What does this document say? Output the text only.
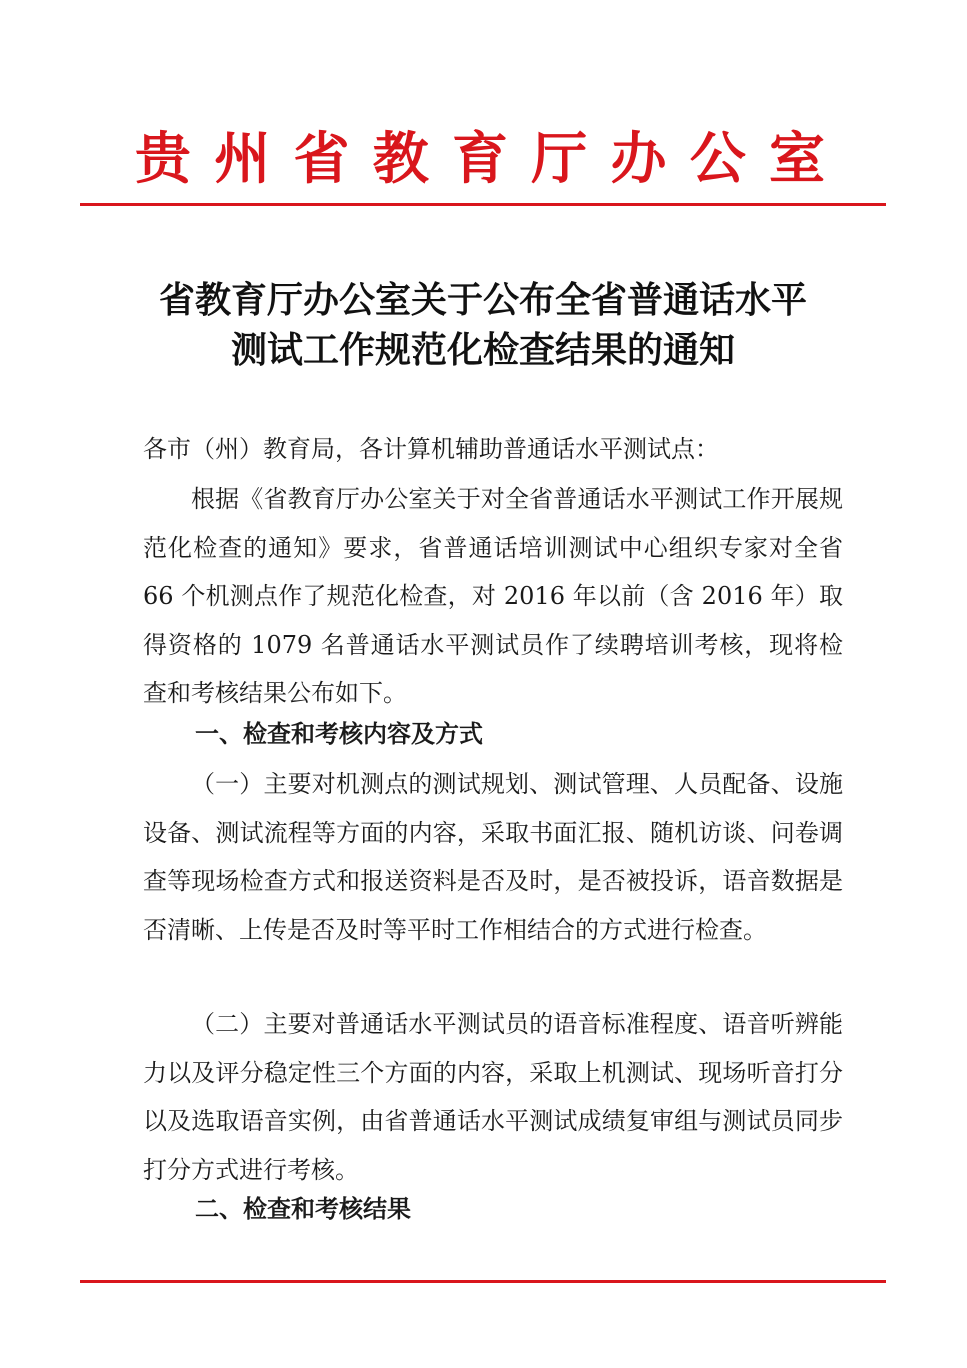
贵 州 省 教 育 厅 办 公 室
省教育厅办公室关于公布全省普通话水平
测试工作规范化检查结果的通知
各市（州）教育局，各计算机辅助普通话水平测试点：
根据《省教育厅办公室关于对全省普通话水平测试工作开展规范化检查的通知》要求，省普通话培训测试中心组织专家对全省 66 个机测点作了规范化检查，对 2016 年以前（含 2016 年）取得资格的 1079 名普通话水平测试员作了续聘培训考核，现将检查和考核结果公布如下。
一、检查和考核内容及方式
（一）主要对机测点的测试规划、测试管理、人员配备、设施设备、测试流程等方面的内容，采取书面汇报、随机访谈、问卷调查等现场检查方式和报送资料是否及时，是否被投诉，语音数据是否清晰、上传是否及时等平时工作相结合的方式进行检查。
（二）主要对普通话水平测试员的语音标准程度、语音听辨能力以及评分稳定性三个方面的内容，采取上机测试、现场听音打分以及选取语音实例，由省普通话水平测试成绩复审组与测试员同步打分方式进行考核。
二、检查和考核结果
